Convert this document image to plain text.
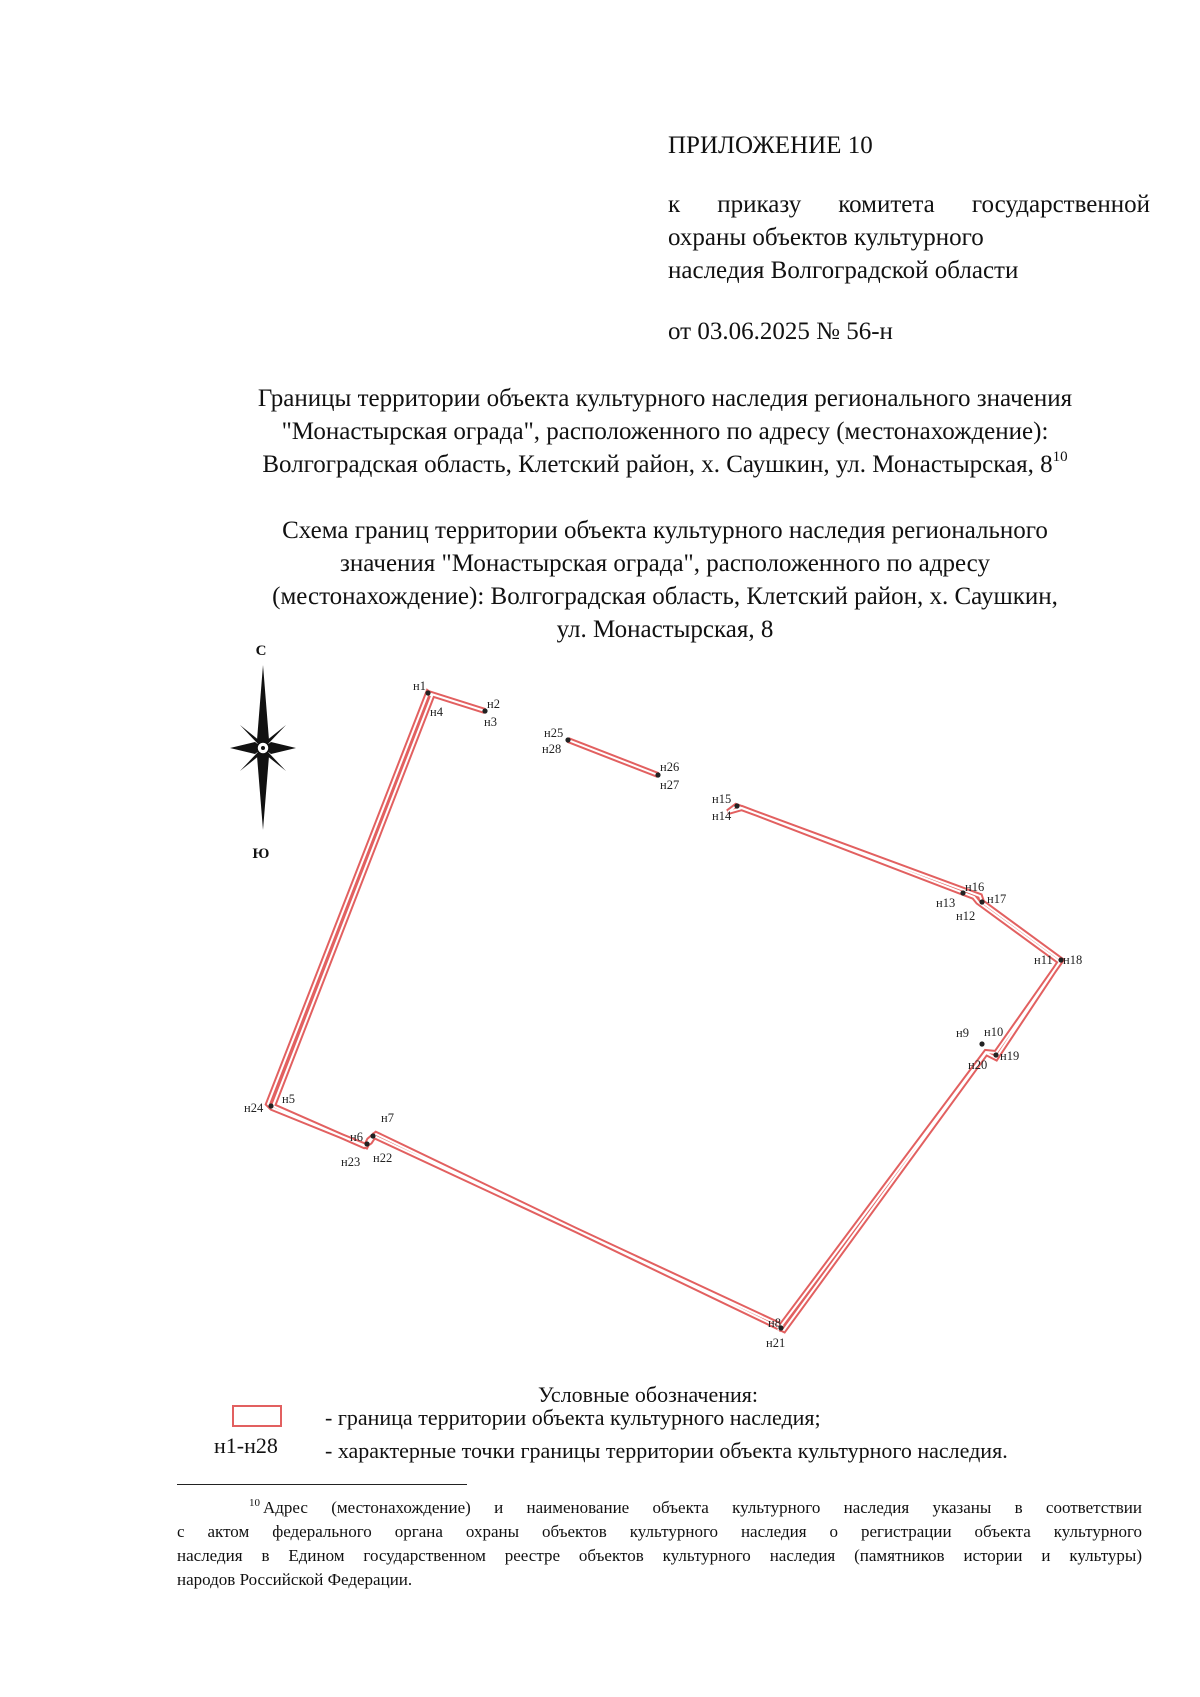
ПРИЛОЖЕНИЕ 10
к приказу комитета государственной
охраны объектов культурного
наследия Волгоградской области
от 03.06.2025 № 56-н
Границы территории объекта культурного наследия регионального значения
"Монастырская ограда", расположенного по адресу (местонахождение):
Волгоградская область, Клетский район, х. Саушкин, ул. Монастырская, $8^{10}$
Схема границ территории объекта культурного наследия регионального
значения "Монастырская ограда", расположенного по адресу
(местонахождение): Волгоградская область, Клетский район, х. Саушкин,
ул. Монастырская, 8
С
Ю
н1
н2
н3
н4
н25
н28
н26
н27
н15
н14
н16
н13	н17
н12
н11 н18
н9 н10
н19
н20
н24
н5
н7
н6
н23 н22
н8
н21
Условные обозначения:
- граница территории объекта культурного наследия;
н1-н28 - характерные точки границы территории объекта культурного наследия.
$^{10}$ Адрес (местонахождение) и наименование объекта культурного наследия указаны в соответствии
с актом федерального органа охраны объектов культурного наследия о регистрации объекта культурного
наследия в Едином государственном реестре объектов культурного наследия (памятников истории и культуры)
народов Российской Федерации.
